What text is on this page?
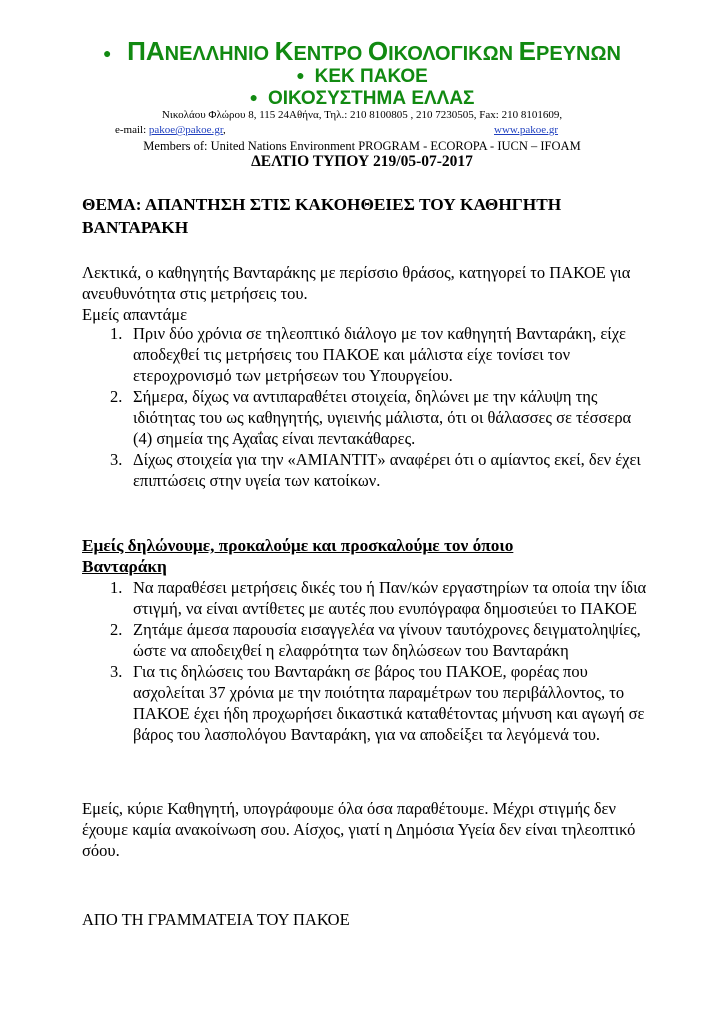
● ΠΑΝΕΛΛΗΝΙΟ ΚΕΝΤΡΟ ΟΙΚΟΛΟΓΙΚΩΝ ΕΡΕΥΝΩΝ
● ΚΕΚ ΠΑΚΟΕ
● ΟΙΚΟΣΥΣΤΗΜΑ ΕΛΛΑΣ
Νικολάου Φλώρου 8, 115 24Αθήνα, Τηλ.: 210 8100805 , 210 7230505, Fax: 210 8101609,
e-mail: pakoe@pakoe.gr,	www.pakoe.gr
Members of: United Nations Environment PROGRAM - ECOROPA - IUCN – IFOAM
ΔΕΛΤΙΟ ΤΥΠΟΥ 219/05-07-2017
ΘΕΜΑ: ΑΠΑΝΤΗΣΗ ΣΤΙΣ ΚΑΚΟΗΘΕΙΕΣ ΤΟΥ ΚΑΘΗΓΗΤΗ ΒΑΝΤΑΡΑΚΗ
Λεκτικά, ο καθηγητής Βανταράκης με περίσσιο θράσος, κατηγορεί το ΠΑΚΟΕ για ανευθυνότητα στις μετρήσεις του.
Εμείς απαντάμε
1. Πριν δύο χρόνια σε τηλεοπτικό διάλογο με τον καθηγητή Βανταράκη, είχε αποδεχθεί τις μετρήσεις του ΠΑΚΟΕ και μάλιστα είχε τονίσει τον ετεροχρονισμό των μετρήσεων του Υπουργείου.
2. Σήμερα, δίχως να αντιπαραθέτει στοιχεία, δηλώνει με την κάλυψη της ιδιότητας του ως καθηγητής, υγιεινής μάλιστα, ότι οι θάλασσες σε τέσσερα (4) σημεία της Αχαΐας είναι πεντακάθαρες.
3. Δίχως στοιχεία για την «ΑΜΙΑΝΤΙΤ» αναφέρει ότι ο αμίαντος εκεί, δεν έχει επιπτώσεις στην υγεία των κατοίκων.
Εμείς δηλώνουμε, προκαλούμε και προσκαλούμε τον όποιο
Βανταράκη
1. Να παραθέσει μετρήσεις δικές του ή Παν/κών εργαστηρίων τα οποία την ίδια στιγμή, να είναι αντίθετες με αυτές που ενυπόγραφα δημοσιεύει το ΠΑΚΟΕ
2. Ζητάμε άμεσα παρουσία εισαγγελέα να γίνουν ταυτόχρονες δειγματοληψίες, ώστε να αποδειχθεί η ελαφρότητα των δηλώσεων του Βανταράκη
3. Για τις δηλώσεις του Βανταράκη σε βάρος του ΠΑΚΟΕ, φορέας που ασχολείται 37 χρόνια με την ποιότητα παραμέτρων του περιβάλλοντος, το ΠΑΚΟΕ έχει ήδη προχωρήσει δικαστικά καταθέτοντας μήνυση και αγωγή σε βάρος του λασπολόγου Βανταράκη, για να αποδείξει τα λεγόμενά του.
Εμείς, κύριε Καθηγητή, υπογράφουμε όλα όσα παραθέτουμε. Μέχρι στιγμής δεν έχουμε καμία ανακοίνωση σου. Αίσχος, γιατί η Δημόσια Υγεία δεν είναι τηλεοπτικό σόου.
ΑΠΟ ΤΗ ΓΡΑΜΜΑΤΕΙΑ ΤΟΥ ΠΑΚΟΕ
